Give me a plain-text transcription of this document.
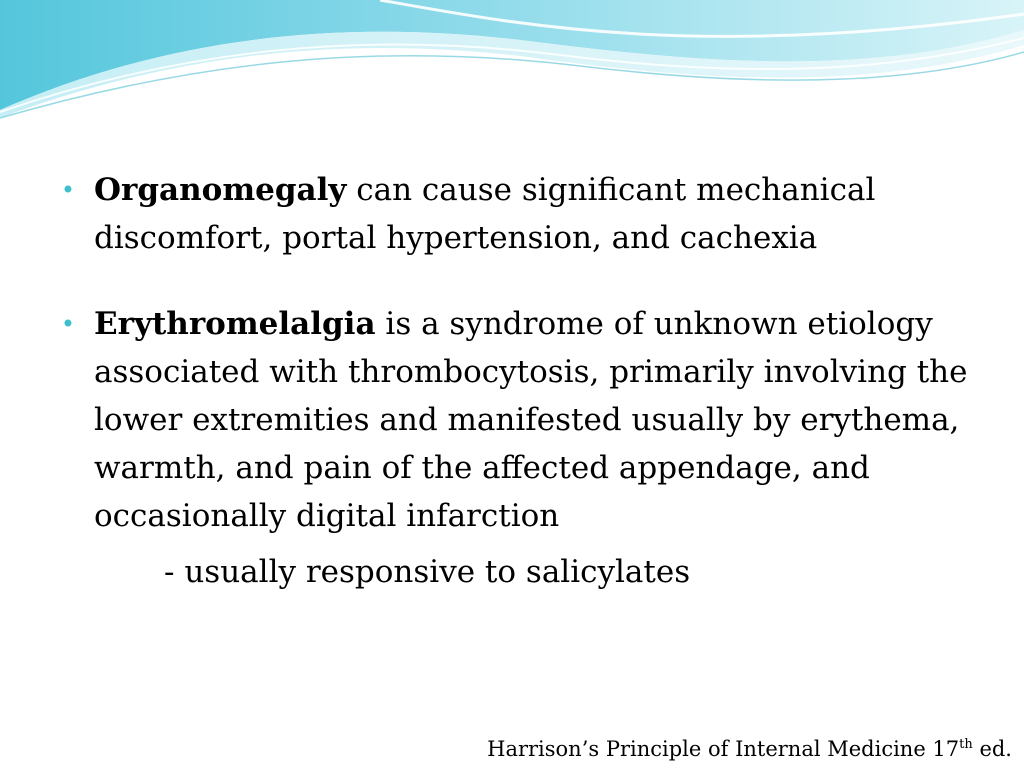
• Organomegaly can cause significant mechanical discomfort, portal hypertension, and cachexia
• Erythromelalgia is a syndrome of unknown etiology associated with thrombocytosis, primarily involving the lower extremities and manifested usually by erythema, warmth, and pain of the affected appendage, and occasionally digital infarction
- usually responsive to salicylates
Harrison’s Principle of Internal Medicine 17th ed.
